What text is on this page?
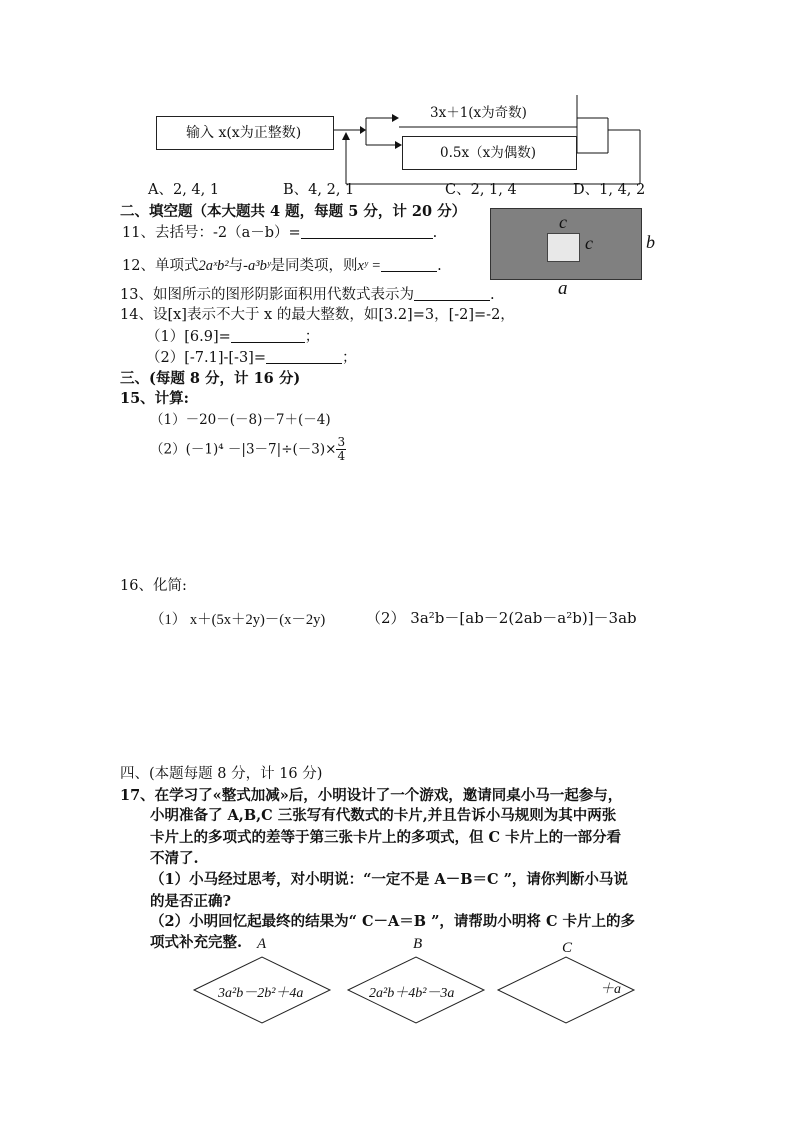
输入 x(x为正整数)
3x＋1(x为奇数)
0.5x（x为偶数)
A、2, 4, 1	B、4, 2, 1	C、2, 1, 4	D、1, 4, 2
二、填空题（本大题共 4 题，每题 5 分，计 20 分）
11、去括号：-2（a－b）=	.
12、单项式2aˣb²与-a³bʸ是同类项，则xʸ =	.
c
c	b
a
13、如图所示的图形阴影面积用代数式表示为	.
14、设[x]表示不大于 x 的最大整数，如[3.2]=3，[-2]=-2，
（1）[6.9]=	；
（2）[-7.1]-[-3]=	；
三、(每题 8 分，计 16 分)
15、计算:
（1）－20－(－8)－7＋(－4)
$(2)(-1)^4 -|3-7|\div(-3)\times \frac{3}{4}$
16、化简:
（1） x＋(5x＋2y)－(x－2y)	（2） 3a²b－[ab－2(2ab－a²b)]－3ab
四、(本题每题 8 分，计 16 分)
17、在学习了«整式加减»后，小明设计了一个游戏，邀请同桌小马一起参与，
小明准备了 A,B,C 三张写有代数式的卡片,并且告诉小马规则为其中两张
卡片上的多项式的差等于第三张卡片上的多项式，但 C 卡片上的一部分看
不清了.
（1）小马经过思考，对小明说：“一定不是 A－B＝C ”，请你判断小马说
的是否正确?
（2）小明回忆起最终的结果为“ C－A＝B ”，请帮助小明将 C 卡片上的多
项式补充完整. A	B	C
3a²b－2b²＋4a	2a²b＋4b²－3a	＋a
